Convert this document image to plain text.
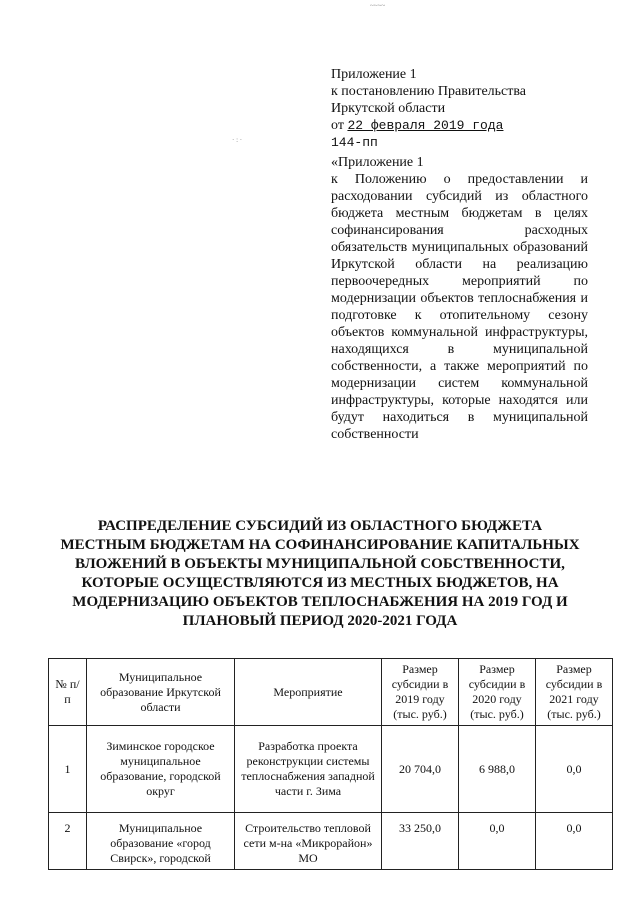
~~~~
· : ·
Приложение 1
к постановлению Правительства
Иркутской области
от 22 февраля 2019 года
144-пп
«Приложение 1
к Положению о предоставлении и расходовании субсидий из областного бюджета местным бюджетам в целях софинансирования расходных обязательств муниципальных образований Иркутской области на реализацию первоочередных мероприятий по модернизации объектов теплоснабжения и подготовке к отопительному сезону объектов коммунальной инфраструктуры, находящихся в муниципальной собственности, а также мероприятий по модернизации систем коммунальной инфраструктуры, которые находятся или будут находиться в муниципальной собственности
РАСПРЕДЕЛЕНИЕ СУБСИДИЙ ИЗ ОБЛАСТНОГО БЮДЖЕТА МЕСТНЫМ БЮДЖЕТАМ НА СОФИНАНСИРОВАНИЕ КАПИТАЛЬНЫХ ВЛОЖЕНИЙ В ОБЪЕКТЫ МУНИЦИПАЛЬНОЙ СОБСТВЕННОСТИ, КОТОРЫЕ ОСУЩЕСТВЛЯЮТСЯ ИЗ МЕСТНЫХ БЮДЖЕТОВ, НА МОДЕРНИЗАЦИЮ ОБЪЕКТОВ ТЕПЛОСНАБЖЕНИЯ НА 2019 ГОД И ПЛАНОВЫЙ ПЕРИОД 2020-2021 ГОДА
№ п/п	Муниципальное образование Иркутской области	Мероприятие	Размер субсидии в 2019 году (тыс. руб.)	Размер субсидии в 2020 году (тыс. руб.)	Размер субсидии в 2021 году (тыс. руб.)
1	Зиминское городское муниципальное образование, городской округ	Разработка проекта реконструкции системы теплоснабжения западной части г. Зима	20 704,0	6 988,0	0,0
2	Муниципальное образование «город Свирск», городской	Строительство тепловой сети м-на «Микрорайон» МО	33 250,0	0,0	0,0
